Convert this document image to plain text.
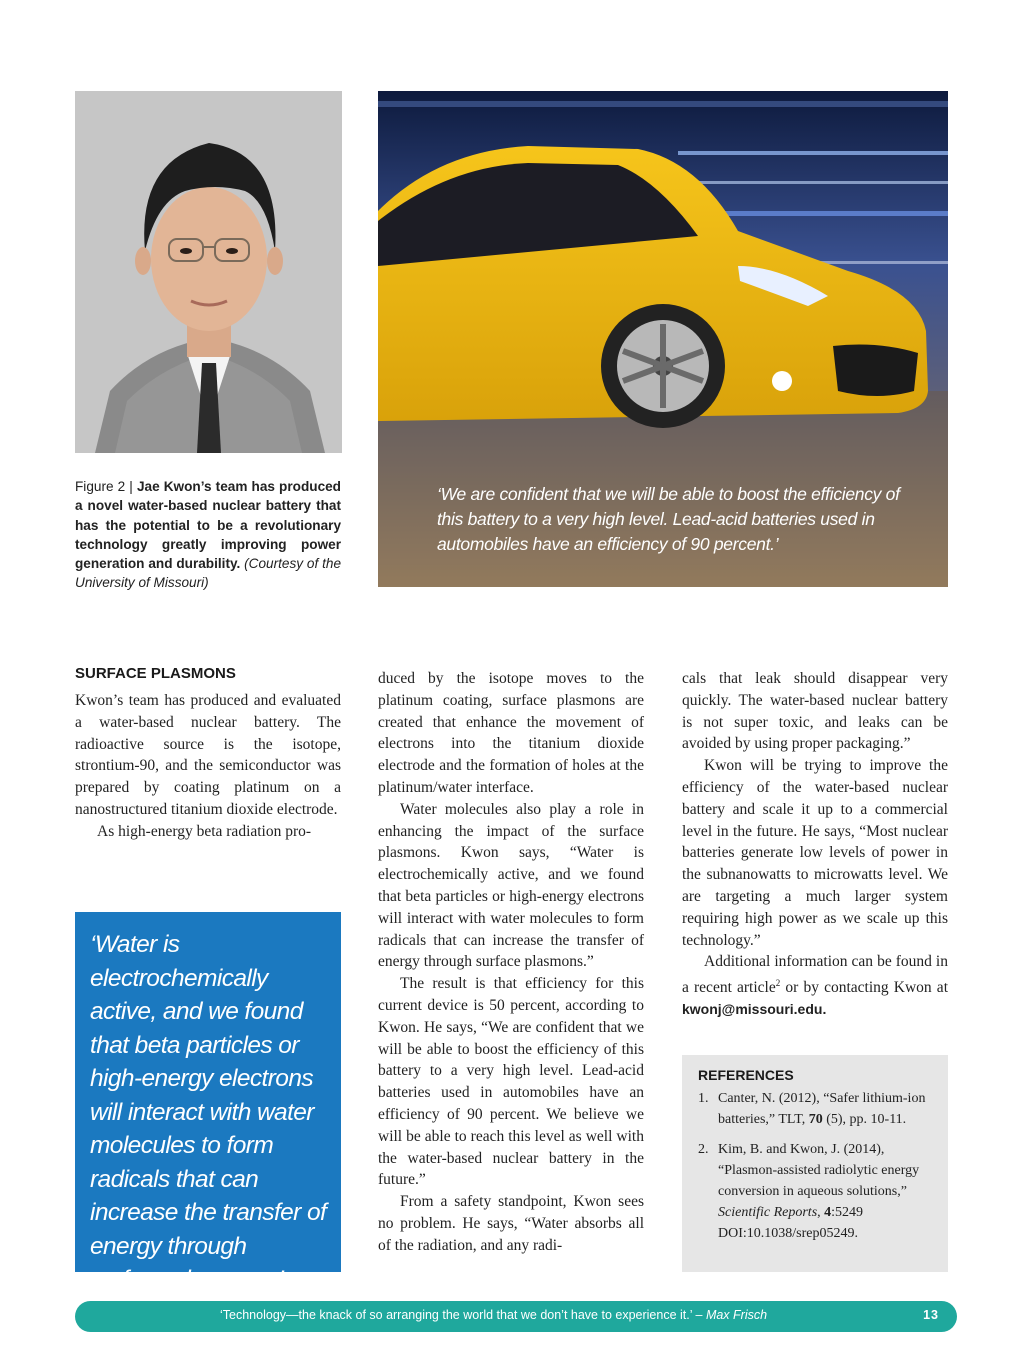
‘We are confident that we will be able to boost the efficiency of this battery to a very high level. Lead-acid batteries used in automobiles have an efficiency of 90 percent.’
Figure 2 | Jae Kwon’s team has produced a novel water-based nuclear battery that has the potential to be a revolutionary technology greatly improving power generation and durability. (Courtesy of the University of Missouri)
SURFACE PLASMONS

Kwon’s team has produced and evaluated a water-based nuclear battery. The radioactive source is the isotope, strontium-90, and the semiconductor was prepared by coating platinum on a nanostructured titanium dioxide electrode.

As high-energy beta radiation pro-

‘Water is electrochemically active, and we found that beta particles or high-energy electrons will interact with water molecules to form radicals that can increase the transfer of energy through surface plasmons.’

duced by the isotope moves to the platinum coating, surface plasmons are created that enhance the movement of electrons into the titanium dioxide electrode and the formation of holes at the platinum/water interface.

Water molecules also play a role in enhancing the impact of the surface plasmons. Kwon says, “Water is electrochemically active, and we found that beta particles or high-energy electrons will interact with water molecules to form radicals that can increase the transfer of energy through surface plasmons.”

The result is that efficiency for this current device is 50 percent, according to Kwon. He says, “We are confident that we will be able to boost the efficiency of this battery to a very high level. Lead-acid batteries used in automobiles have an efficiency of 90 percent. We believe we will be able to reach this level as well with the water-based nuclear battery in the future.”

From a safety standpoint, Kwon sees no problem. He says, “Water absorbs all of the radiation, and any radi-

cals that leak should disappear very quickly. The water-based nuclear battery is not super toxic, and leaks can be avoided by using proper packaging.”

Kwon will be trying to improve the efficiency of the water-based nuclear battery and scale it up to a commercial level in the future. He says, “Most nuclear batteries generate low levels of power in the subnanowatts to microwatts level. We are targeting a much larger system requiring high power as we scale up this technology.”

Additional information can be found in a recent article$^2$ or by contacting Kwon at kwonj@missouri.edu.

REFERENCES
1. Canter, N. (2012), “Safer lithium-ion batteries,” TLT, 70 (5), pp. 10-11.
2. Kim, B. and Kwon, J. (2014), “Plasmon-assisted radiolytic energy conversion in aqueous solutions,” Scientific Reports, 4:5249 DOI:10.1038/srep05249.
‘Technology—the knack of so arranging the world that we don’t have to experience it.’ – Max Frisch	13
